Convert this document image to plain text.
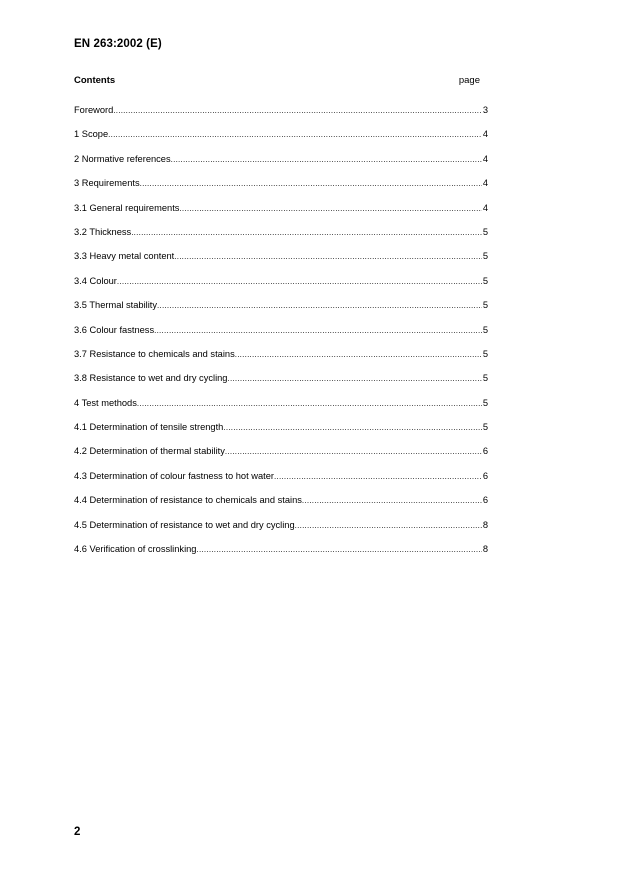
EN 263:2002 (E)
Contents	page
Foreword .....	3
1 Scope .....	4
2 Normative references .....	4
3 Requirements .....	4
3.1 General requirements .....	4
3.2 Thickness .....	5
3.3 Heavy metal content .....	5
3.4 Colour .....	5
3.5 Thermal stability .....	5
3.6 Colour fastness .....	5
3.7 Resistance to chemicals and stains .....	5
3.8 Resistance to wet and dry cycling .....	5
4 Test methods .....	5
4.1 Determination of tensile strength .....	5
4.2 Determination of thermal stability .....	6
4.3 Determination of colour fastness to hot water .....	6
4.4 Determination of resistance to chemicals and stains .....	6
4.5 Determination of resistance to wet and dry cycling .....	8
4.6 Verification of crosslinking .....	8
2
